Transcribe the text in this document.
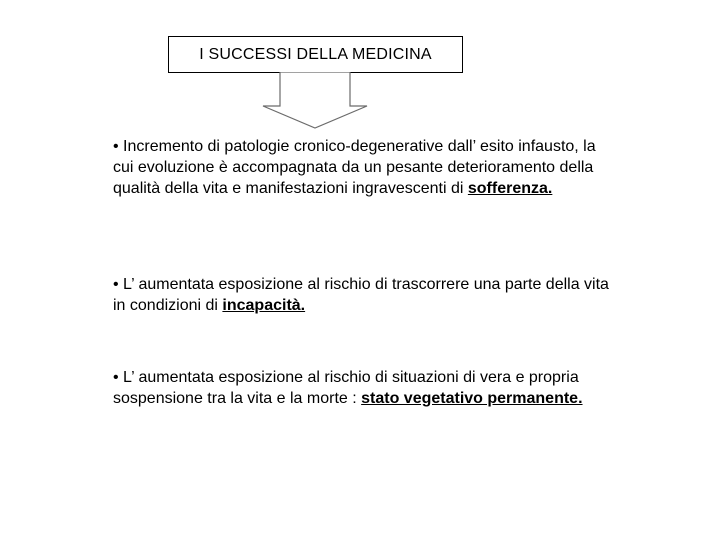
I SUCCESSI DELLA MEDICINA

• Incremento di patologie cronico-degenerative dall’ esito infausto, la cui evoluzione è accompagnata da un pesante deterioramento della qualità della vita e manifestazioni ingravescenti di sofferenza.

• L’ aumentata esposizione al rischio di trascorrere una parte della vita in condizioni di incapacità.

• L’ aumentata esposizione al rischio di situazioni di vera e propria sospensione tra la vita e la morte : stato vegetativo permanente.
